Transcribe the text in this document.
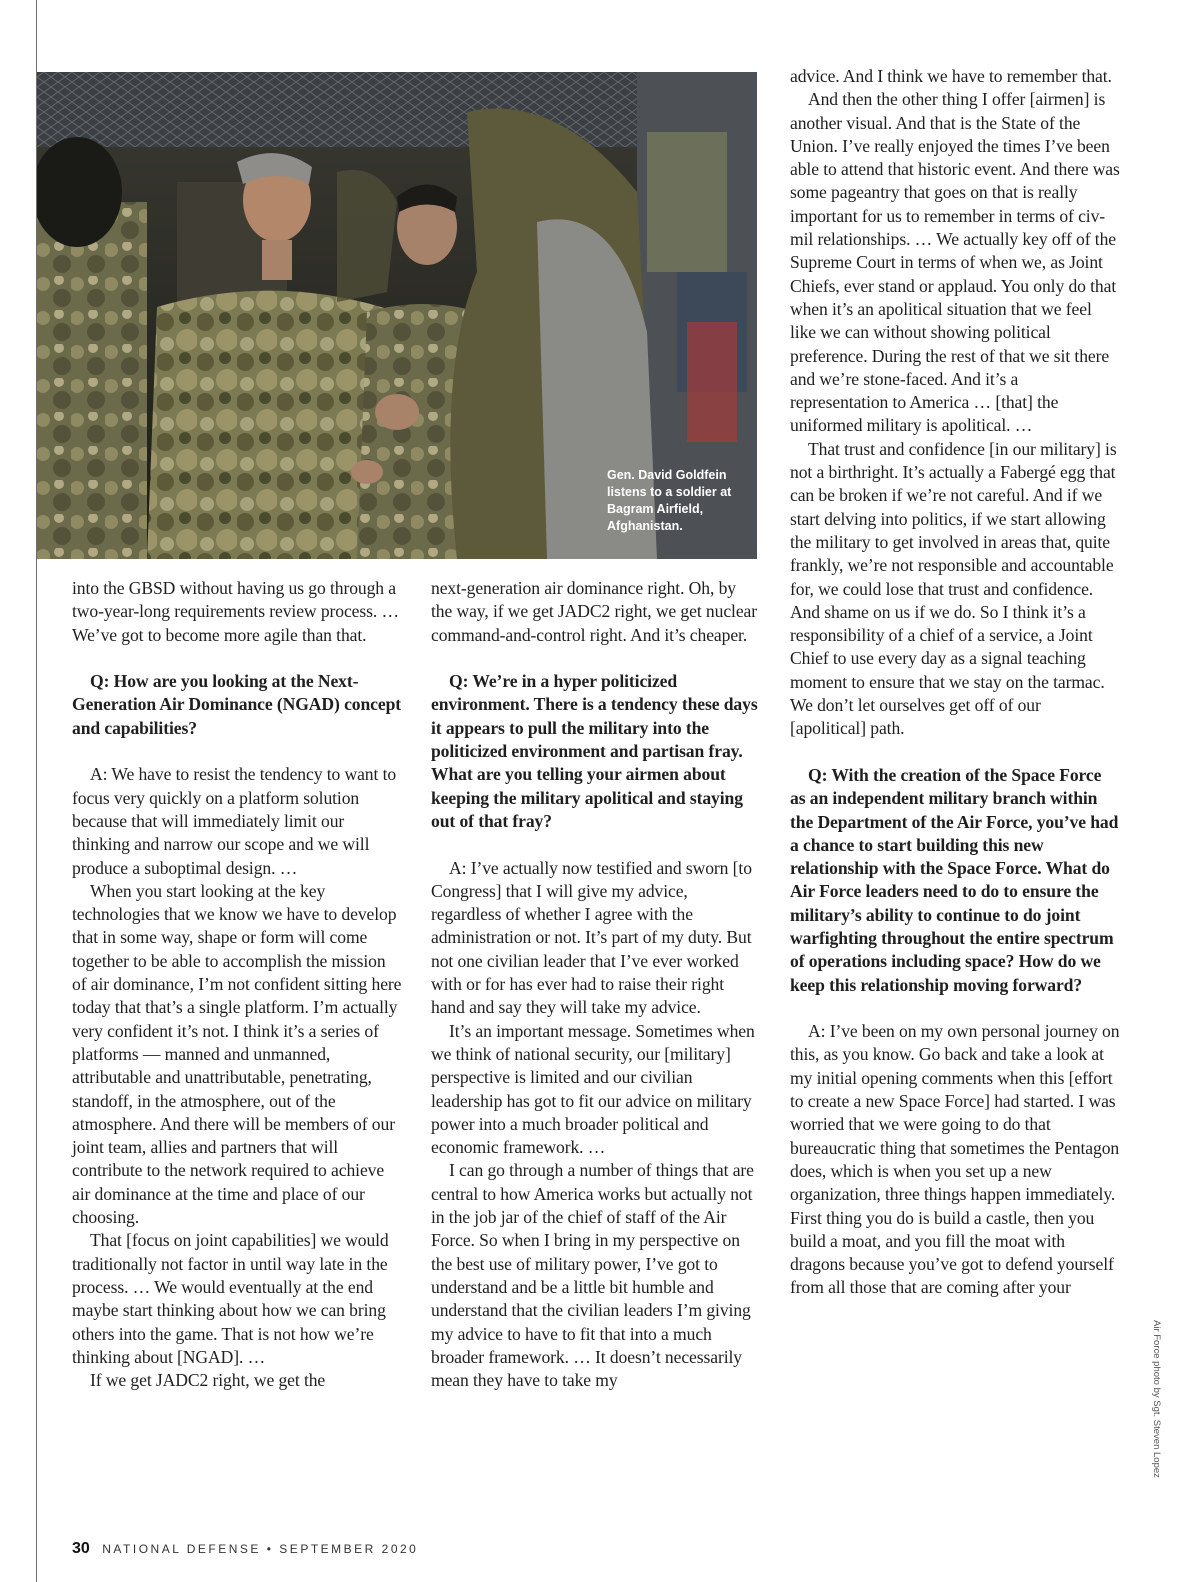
Gen. David Goldfein listens to a soldier at Bagram Airfield, Afghanistan.

into the GBSD without having us go through a two-year-long requirements review process. … We’ve got to become more agile than that.

Q: How are you looking at the Next-Generation Air Dominance (NGAD) concept and capabilities?

A: We have to resist the tendency to want to focus very quickly on a platform solution because that will immediately limit our thinking and narrow our scope and we will produce a suboptimal design. …

When you start looking at the key technologies that we know we have to develop that in some way, shape or form will come together to be able to accomplish the mission of air dominance, I’m not confident sitting here today that that’s a single platform. I’m actually very confident it’s not. I think it’s a series of platforms — manned and unmanned, attributable and unattributable, penetrating, standoff, in the atmosphere, out of the atmosphere. And there will be members of our joint team, allies and partners that will contribute to the network required to achieve air dominance at the time and place of our choosing.

That [focus on joint capabilities] we would traditionally not factor in until way late in the process. … We would eventually at the end maybe start thinking about how we can bring others into the game. That is not how we’re thinking about [NGAD]. …

If we get JADC2 right, we get the

next-generation air dominance right. Oh, by the way, if we get JADC2 right, we get nuclear command-and-control right. And it’s cheaper.

Q: We’re in a hyper politicized environment. There is a tendency these days it appears to pull the military into the politicized environment and partisan fray. What are you telling your airmen about keeping the military apolitical and staying out of that fray?

A: I’ve actually now testified and sworn [to Congress] that I will give my advice, regardless of whether I agree with the administration or not. It’s part of my duty. But not one civilian leader that I’ve ever worked with or for has ever had to raise their right hand and say they will take my advice.

It’s an important message. Sometimes when we think of national security, our [military] perspective is limited and our civilian leadership has got to fit our advice on military power into a much broader political and economic framework. …

I can go through a number of things that are central to how America works but actually not in the job jar of the chief of staff of the Air Force. So when I bring in my perspective on the best use of military power, I’ve got to understand and be a little bit humble and understand that the civilian leaders I’m giving my advice to have to fit that into a much broader framework. … It doesn’t necessarily mean they have to take my

advice. And I think we have to remember that.

And then the other thing I offer [airmen] is another visual. And that is the State of the Union. I’ve really enjoyed the times I’ve been able to attend that historic event. And there was some pageantry that goes on that is really important for us to remember in terms of civ-mil relationships. … We actually key off of the Supreme Court in terms of when we, as Joint Chiefs, ever stand or applaud. You only do that when it’s an apolitical situation that we feel like we can without showing political preference. During the rest of that we sit there and we’re stone-faced. And it’s a representation to America … [that] the uniformed military is apolitical. …

That trust and confidence [in our military] is not a birthright. It’s actually a Fabergé egg that can be broken if we’re not careful. And if we start delving into politics, if we start allowing the military to get involved in areas that, quite frankly, we’re not responsible and accountable for, we could lose that trust and confidence. And shame on us if we do. So I think it’s a responsibility of a chief of a service, a Joint Chief to use every day as a signal teaching moment to ensure that we stay on the tarmac. We don’t let ourselves get off of our [apolitical] path.

Q: With the creation of the Space Force as an independent military branch within the Department of the Air Force, you’ve had a chance to start building this new relationship with the Space Force. What do Air Force leaders need to do to ensure the military’s ability to continue to do joint warfighting throughout the entire spectrum of operations including space? How do we keep this relationship moving forward?

A: I’ve been on my own personal journey on this, as you know. Go back and take a look at my initial opening comments when this [effort to create a new Space Force] had started. I was worried that we were going to do that bureaucratic thing that sometimes the Pentagon does, which is when you set up a new organization, three things happen immediately. First thing you do is build a castle, then you build a moat, and you fill the moat with dragons because you’ve got to defend yourself from all those that are coming after your

Air Force photo by Sgt. Steven Lopez
30 NATIONAL DEFENSE • SEPTEMBER 2020
